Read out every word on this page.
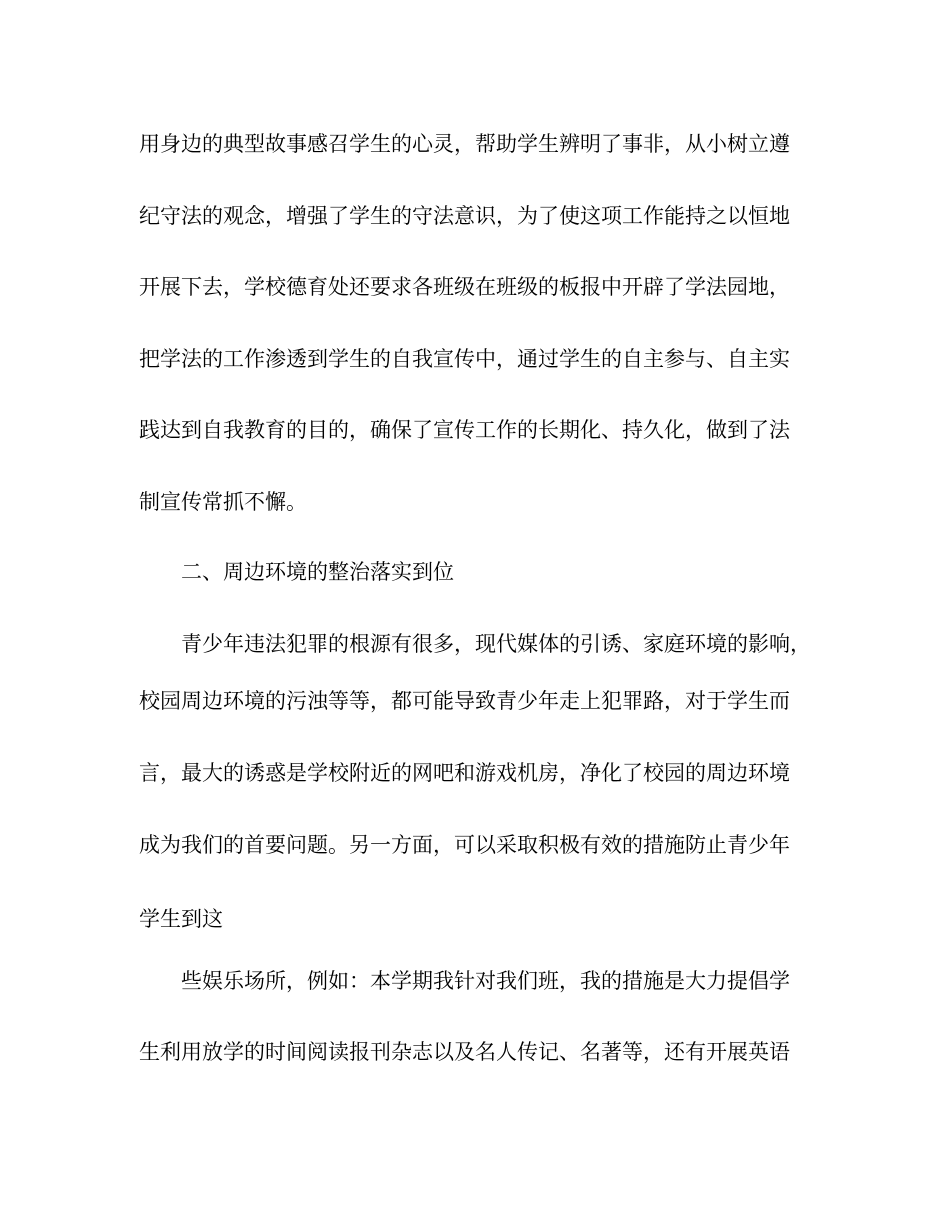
用身边的典型故事感召学生的心灵，帮助学生辨明了事非，从小树立遵
纪守法的观念，增强了学生的守法意识，为了使这项工作能持之以恒地
开展下去，学校德育处还要求各班级在班级的板报中开辟了学法园地，
把学法的工作渗透到学生的自我宣传中，通过学生的自主参与、自主实
践达到自我教育的目的，确保了宣传工作的长期化、持久化，做到了法
制宣传常抓不懈。
二、周边环境的整治落实到位
青少年违法犯罪的根源有很多，现代媒体的引诱、家庭环境的影响，
校园周边环境的污浊等等，都可能导致青少年走上犯罪路，对于学生而
言，最大的诱惑是学校附近的网吧和游戏机房，净化了校园的周边环境
成为我们的首要问题。另一方面，可以采取积极有效的措施防止青少年
学生到这
些娱乐场所，例如：本学期我针对我们班，我的措施是大力提倡学
生利用放学的时间阅读报刊杂志以及名人传记、名著等，还有开展英语
